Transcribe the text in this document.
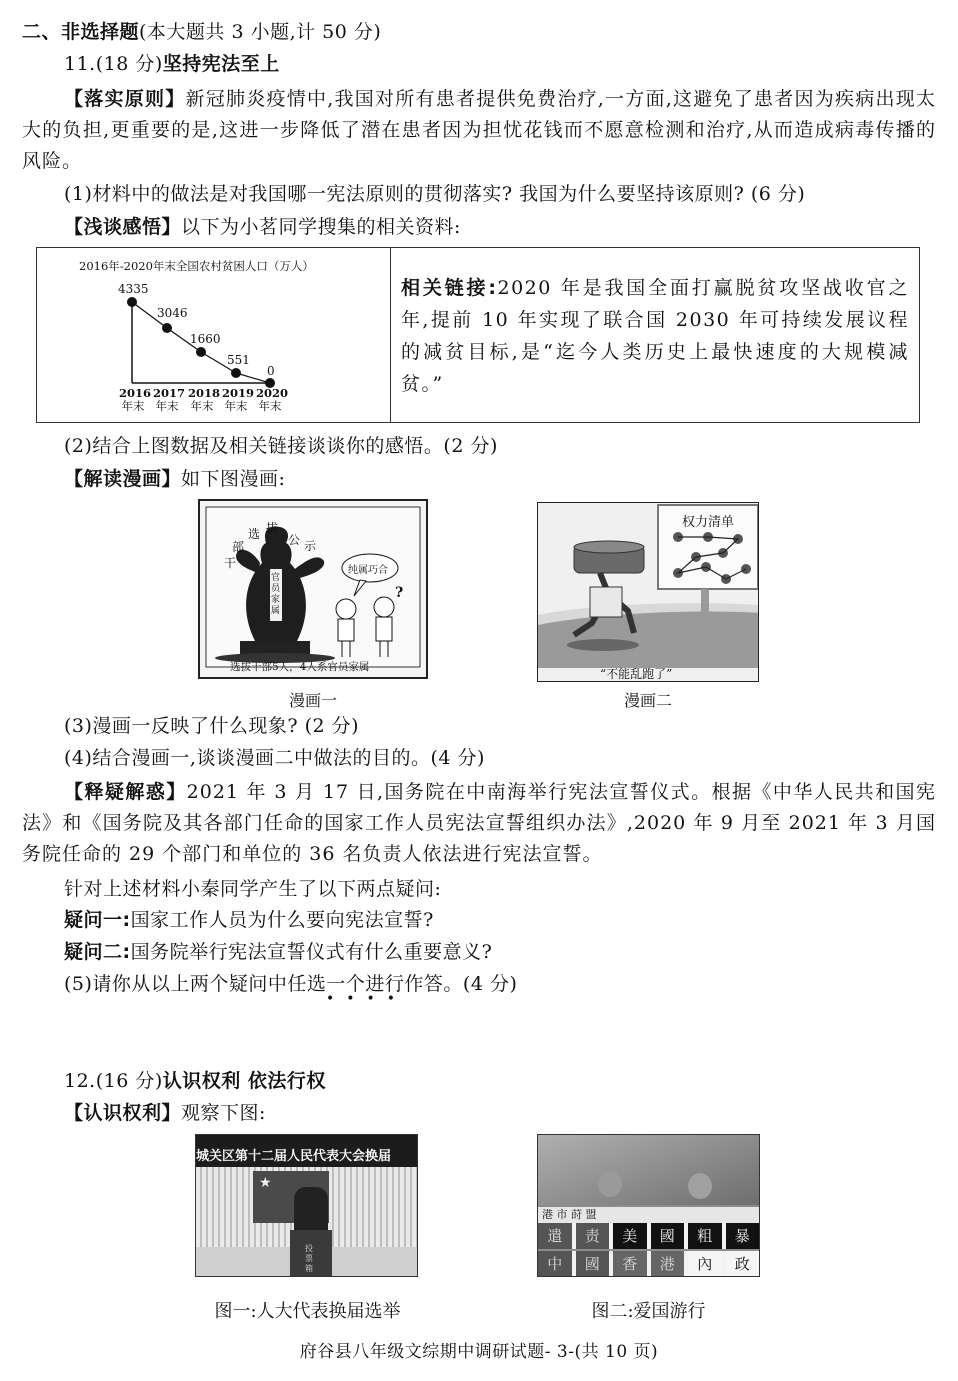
二、非选择题(本大题共 3 小题,计 50 分)
11.(18 分)坚持宪法至上
【落实原则】新冠肺炎疫情中,我国对所有患者提供免费治疗,一方面,这避免了患者因为疾病出现太大的负担,更重要的是,这进一步降低了潜在患者因为担忧花钱而不愿意检测和治疗,从而造成病毒传播的风险。
(1)材料中的做法是对我国哪一宪法原则的贯彻落实? 我国为什么要坚持该原则? (6 分)
【浅谈感悟】以下为小茗同学搜集的相关资料:
2016年-2020年末全国农村贫困人口（万人）
4335
3046
1660
551
0
2016
年末
2017
年末
2018
年末
2019
年末
2020
年末
相关链接:2020 年是我国全面打赢脱贫攻坚战收官之年,提前 10 年实现了联合国 2030 年可持续发展议程的减贫目标,是“迄今人类历史上最快速度的大规模减贫。”
(2)结合上图数据及相关链接谈谈你的感悟。(2 分)
【解读漫画】如下图漫画:
干
部
选 拔
公 示
官员家属
纯属巧合
?
选拔干部5人，4人系官员家属
漫画一
权力清单
“不能乱跑了”
漫画二
(3)漫画一反映了什么现象? (2 分)
(4)结合漫画一,谈谈漫画二中做法的目的。(4 分)
【释疑解惑】2021 年 3 月 17 日,国务院在中南海举行宪法宣誓仪式。根据《中华人民共和国宪法》和《国务院及其各部门任命的国家工作人员宪法宣誓组织办法》,2020 年 9 月至 2021 年 3 月国务院任命的 29 个部门和单位的 36 名负责人依法进行宪法宣誓。
针对上述材料小秦同学产生了以下两点疑问:
疑问一:国家工作人员为什么要向宪法宣誓?
疑问二:国务院举行宪法宣誓仪式有什么重要意义?
(5)请你从以上两个疑问中任选一个进行作答。(4 分)
••••
12.(16 分)认识权利 依法行权
【认识权利】观察下图:
城关区第十二届人民代表大会换届
★
投票箱
图一:人大代表换届选举
港 市 莳 盟
遣	责	美	國	粗	暴
中	國	香	港	內	政
图二:爱国游行
府谷县八年级文综期中调研试题- 3-(共 10 页)
